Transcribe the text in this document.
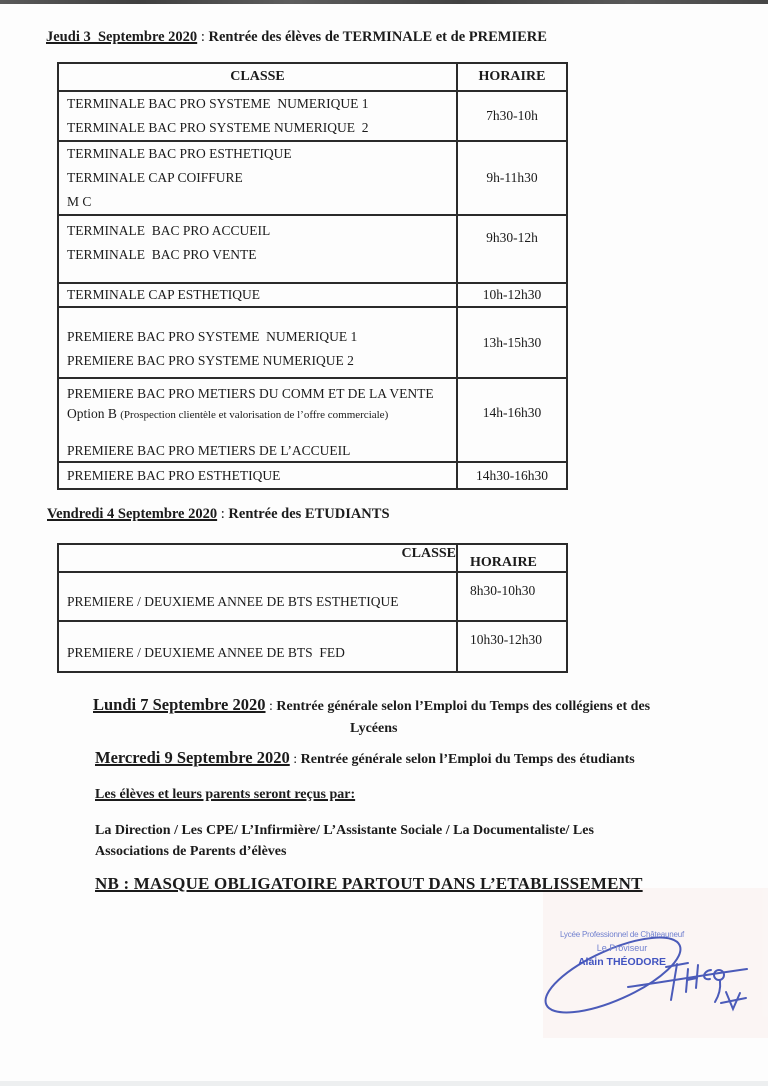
Jeudi 3  Septembre 2020 : Rentrée des élèves de TERMINALE et de PREMIERE
CLASSE	HORAIRE
TERMINALE BAC PRO SYSTEME  NUMERIQUE 1
TERMINALE BAC PRO SYSTEME NUMERIQUE  2
7h30-10h
TERMINALE BAC PRO ESTHETIQUE
TERMINALE CAP COIFFURE
M C
9h-11h30
TERMINALE  BAC PRO ACCUEIL
TERMINALE  BAC PRO VENTE
9h30-12h
TERMINALE CAP ESTHETIQUE	10h-12h30
PREMIERE BAC PRO SYSTEME  NUMERIQUE 1
PREMIERE BAC PRO SYSTEME NUMERIQUE 2
13h-15h30
PREMIERE BAC PRO METIERS DU COMM ET DE LA VENTE
Option B (Prospection clientèle et valorisation de l’offre commerciale)
PREMIERE BAC PRO METIERS DE L’ACCUEIL
14h-16h30
PREMIERE BAC PRO ESTHETIQUE	14h30-16h30
Vendredi 4 Septembre 2020 : Rentrée des ETUDIANTS
CLASSE
HORAIRE
PREMIERE / DEUXIEME ANNEE DE BTS ESTHETIQUE
8h30-10h30
PREMIERE / DEUXIEME ANNEE DE BTS  FED
10h30-12h30
Lundi 7 Septembre 2020 : Rentrée générale selon l’Emploi du Temps des collégiens et des
Lycéens
Mercredi 9 Septembre 2020 : Rentrée générale selon l’Emploi du Temps des étudiants
Les élèves et leurs parents seront reçus par:
La Direction / Les CPE/ L’Infirmière/ L’Assistante Sociale / La Documentaliste/ Les
Associations de Parents d’élèves
NB : MASQUE OBLIGATOIRE PARTOUT DANS L’ETABLISSEMENT
Lycée Professionnel de Châteauneuf
Le Proviseur
Alain THÉODORE
